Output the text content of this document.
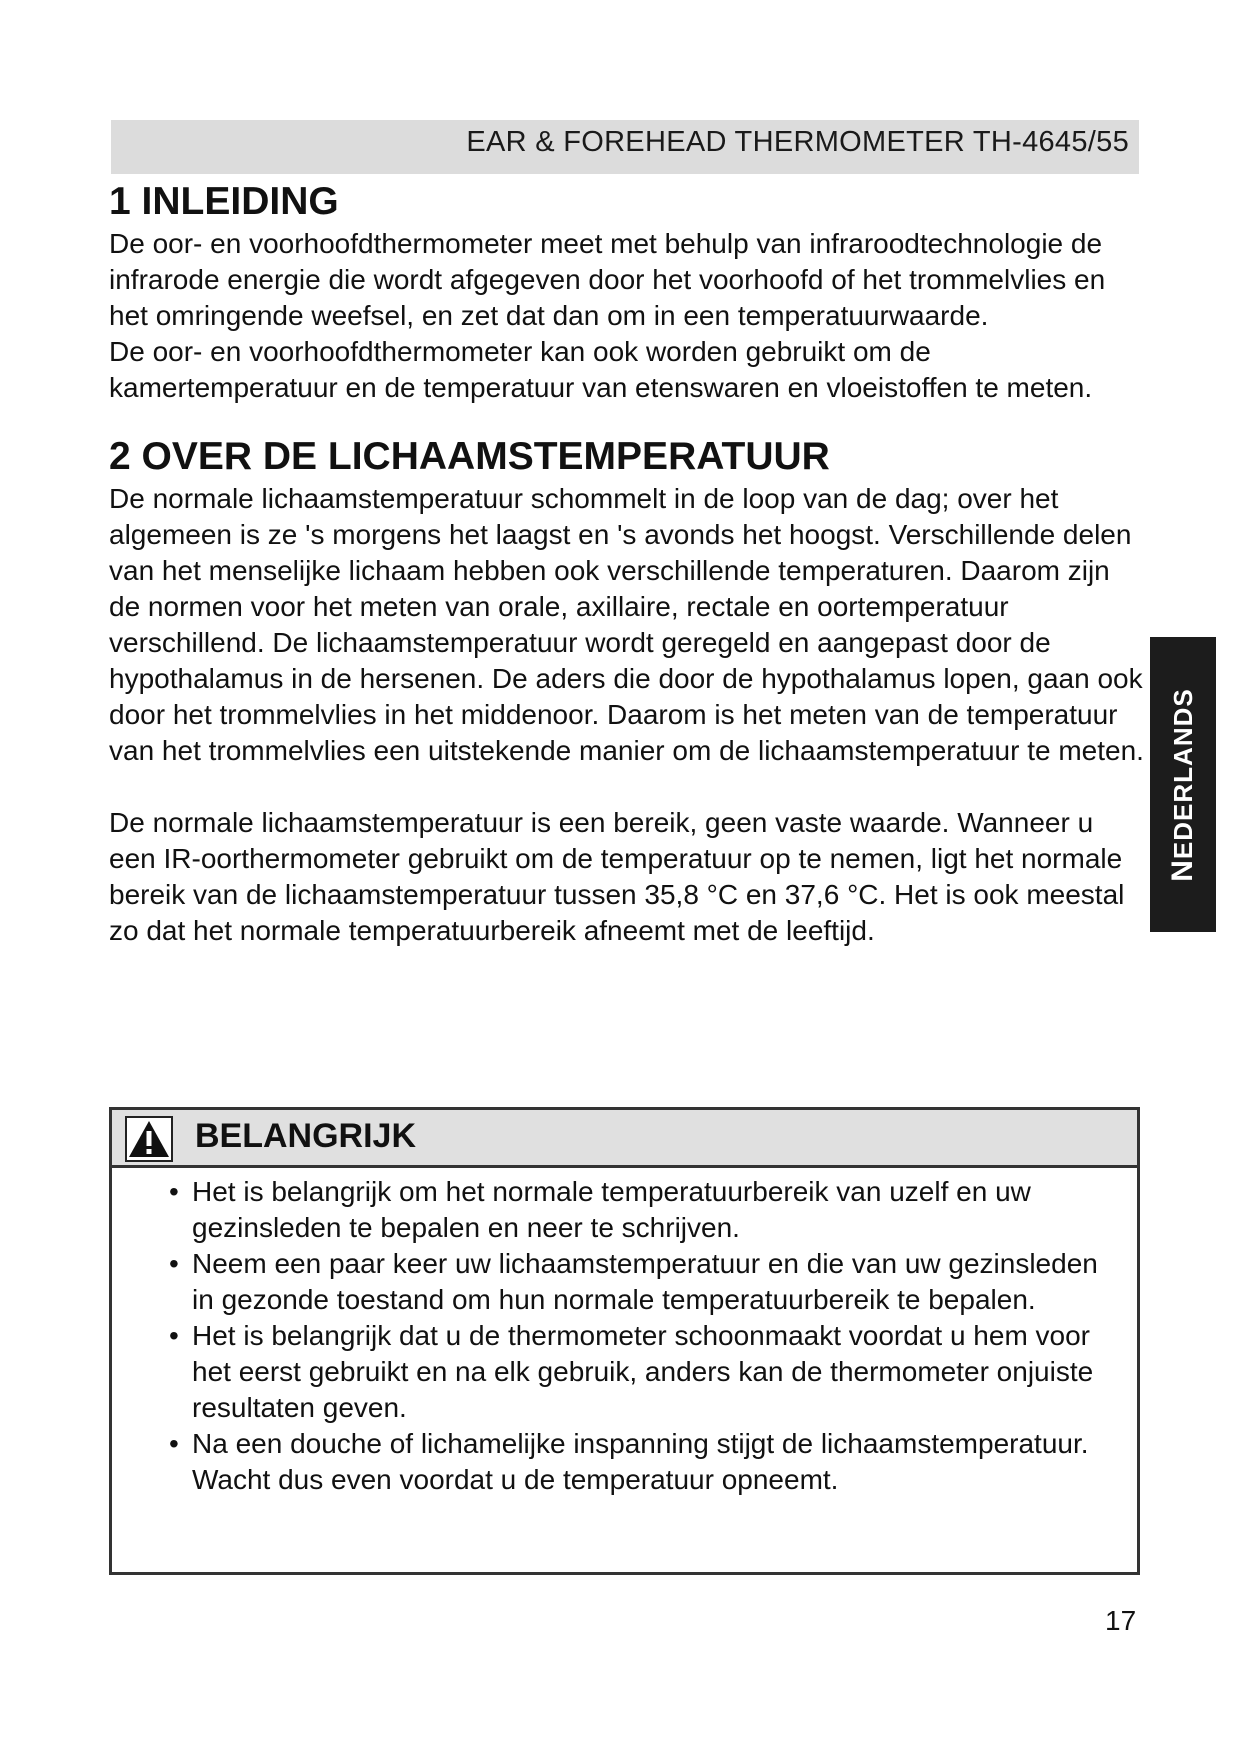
EAR & FOREHEAD THERMOMETER TH-4645/55
1 INLEIDING

De oor- en voorhoofdthermometer meet met behulp van infraroodtechnologie de infrarode energie die wordt afgegeven door het voorhoofd of het trommelvlies en het omringende weefsel, en zet dat dan om in een temperatuurwaarde.

De oor- en voorhoofdthermometer kan ook worden gebruikt om de kamertemperatuur en de temperatuur van etenswaren en vloeistoffen te meten.

2 OVER DE LICHAAMSTEMPERATUUR

De normale lichaamstemperatuur schommelt in de loop van de dag; over het algemeen is ze 's morgens het laagst en 's avonds het hoogst. Verschillende delen van het menselijke lichaam hebben ook verschillende temperaturen. Daarom zijn de normen voor het meten van orale, axillaire, rectale en oortemperatuur verschillend. De lichaamstemperatuur wordt geregeld en aangepast door de hypothalamus in de hersenen. De aders die door de hypothalamus lopen, gaan ook door het trommelvlies in het middenoor. Daarom is het meten van de temperatuur van het trommelvlies een uitstekende manier om de lichaamstemperatuur te meten.

De normale lichaamstemperatuur is een bereik, geen vaste waarde. Wanneer u een IR-oorthermometer gebruikt om de temperatuur op te nemen, ligt het normale bereik van de lichaamstemperatuur tussen 35,8 °C en 37,6 °C. Het is ook meestal zo dat het normale temperatuurbereik afneemt met de leeftijd.

NEDERLANDS
BELANGRIJK
• Het is belangrijk om het normale temperatuurbereik van uzelf en uw gezinsleden te bepalen en neer te schrijven.
• Neem een paar keer uw lichaamstemperatuur en die van uw gezinsleden in gezonde toestand om hun normale temperatuurbereik te bepalen.
• Het is belangrijk dat u de thermometer schoonmaakt voordat u hem voor het eerst gebruikt en na elk gebruik, anders kan de thermometer onjuiste resultaten geven.
• Na een douche of lichamelijke inspanning stijgt de lichaamstemperatuur. Wacht dus even voordat u de temperatuur opneemt.
17
